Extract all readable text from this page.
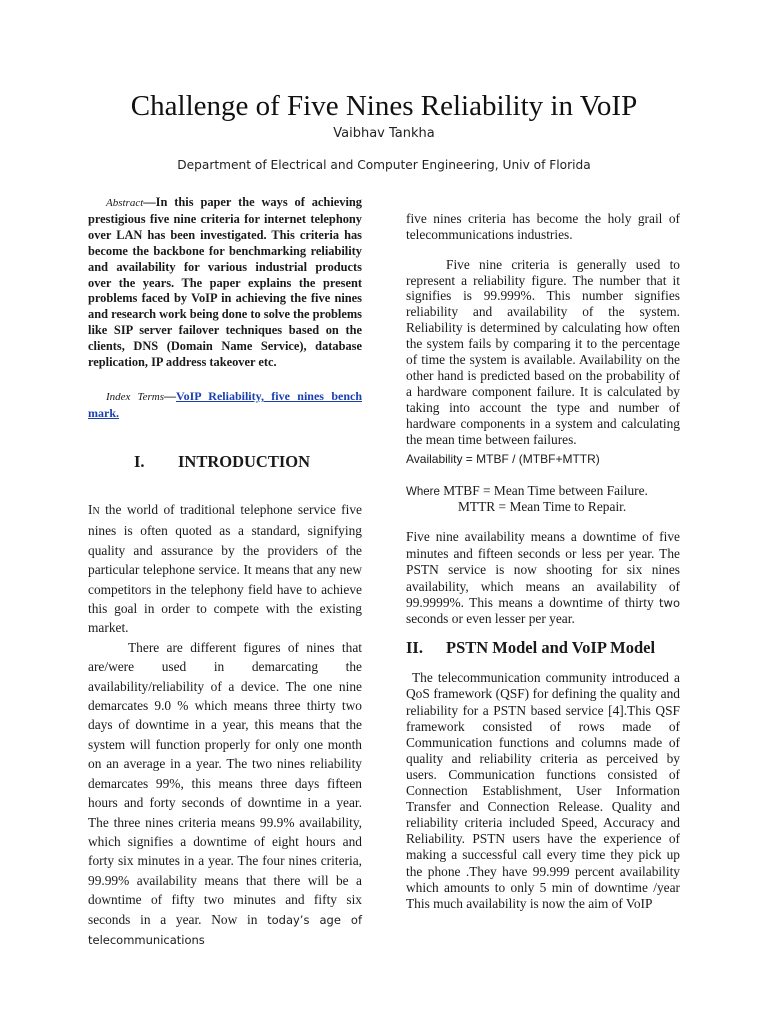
Challenge of Five Nines Reliability in VoIP
Vaibhav Tankha
Department of Electrical and Computer Engineering, Univ of Florida
Abstract—In this paper the ways of achieving prestigious five nine criteria for internet telephony over LAN has been investigated. This criteria has become the backbone for benchmarking reliability and availability for various industrial products over the years. The paper explains the present problems faced by VoIP in achieving the five nines and research work being done to solve the problems like SIP server failover techniques based on the clients, DNS (Domain Name Service), database replication, IP address takeover etc.
Index Terms—VoIP Reliability, five nines bench mark.
I. INTRODUCTION

IN the world of traditional telephone service five nines is often quoted as a standard, signifying quality and assurance by the providers of the particular telephone service. It means that any new competitors in the telephony field have to achieve this goal in order to compete with the existing market.

There are different figures of nines that are/were used in demarcating the availability/reliability of a device. The one nine demarcates 9.0 % which means three thirty two days of downtime in a year, this means that the system will function properly for only one month on an average in a year. The two nines reliability demarcates 99%, this means three days fifteen hours and forty seconds of downtime in a year. The three nines criteria means 99.9% availability, which signifies a downtime of eight hours and forty six minutes in a year. The four nines criteria, 99.99% availability means that there will be a downtime of fifty two minutes and fifty six seconds in a year. Now in today’s age of telecommunications

five nines criteria has become the holy grail of telecommunications industries.

Five nine criteria is generally used to represent a reliability figure. The number that it signifies is 99.999%. This number signifies reliability and availability of the system. Reliability is determined by calculating how often the system fails by comparing it to the percentage of time the system is available. Availability on the other hand is predicted based on the probability of a hardware component failure. It is calculated by taking into account the type and number of hardware components in a system and calculating the mean time between failures.

Availability = MTBF / (MTBF+MTTR)
Where MTBF = Mean Time between Failure.
MTTR = Mean Time to Repair.

Five nine availability means a downtime of five minutes and fifteen seconds or less per year. The PSTN service is now shooting for six nines availability, which means an availability of 99.9999%. This means a downtime of thirty two seconds or even lesser per year.

II. PSTN Model and VoIP Model

The telecommunication community introduced a QoS framework (QSF) for defining the quality and reliability for a PSTN based service [4].This QSF framework consisted of rows made of Communication functions and columns made of quality and reliability criteria as perceived by users. Communication functions consisted of Connection Establishment, User Information Transfer and Connection Release. Quality and reliability criteria included Speed, Accuracy and Reliability. PSTN users have the experience of making a successful call every time they pick up the phone .They have 99.999 percent availability which amounts to only 5 min of downtime /year This much availability is now the aim of VoIP
